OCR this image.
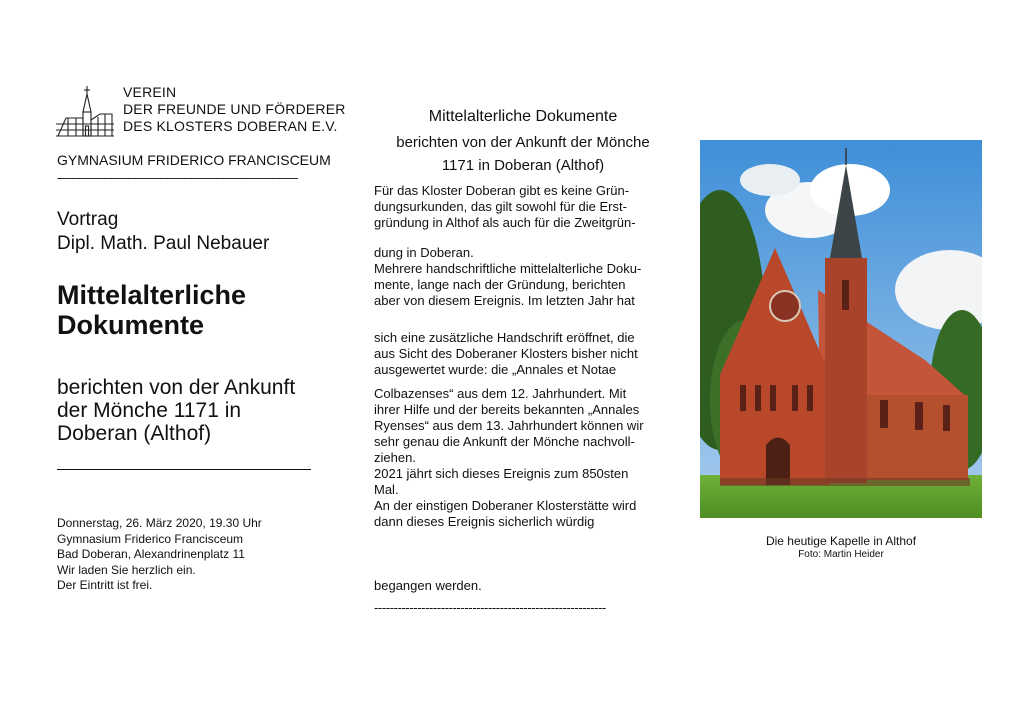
VEREIN
DER FREUNDE UND FÖRDERER
DES KLOSTERS DOBERAN E.V.
GYMNASIUM FRIDERICO FRANCISCEUM
-––––––––––––––––––––––––––––––––––––––
Vortrag
Dipl. Math. Paul Nebauer
Mittelalterliche
Dokumente
berichten von der Ankunft
der Mönche 1171 in
Doberan (Althof)
Donnerstag, 26. März 2020, 19.30 Uhr
Gymnasium Friderico Francisceum
Bad Doberan, Alexandrinenplatz 11
Wir laden Sie herzlich ein.
Der Eintritt ist frei.
Mittelalterliche Dokumente
berichten von der Ankunft der Mönche
1171 in Doberan (Althof)
Für das Kloster Doberan gibt es keine Grün-
dungsurkunden, das gilt sowohl für die Erst-
gründung in Althof als auch für die Zweitgrün-
dung in Doberan.
Mehrere handschriftliche mittelalterliche Doku-
mente, lange nach der Gründung, berichten
aber von diesem Ereignis. Im letzten Jahr hat
sich eine zusätzliche Handschrift eröffnet, die
aus Sicht des Doberaner Klosters bisher nicht
ausgewertet wurde: die „Annales et Notae
Colbazenses“ aus dem 12. Jahrhundert. Mit
ihrer Hilfe und der bereits bekannten „Annales
Ryenses“ aus dem 13. Jahrhundert können wir
sehr genau die Ankunft der Mönche nachvoll-
ziehen.
2021 jährt sich dieses Ereignis zum 850sten
Mal.
An der einstigen Doberaner Klosterstätte wird
dann dieses Ereignis sicherlich würdig
begangen werden.
-----------------------------------------------------------
Die heutige Kapelle in Althof
Foto: Martin Heider
